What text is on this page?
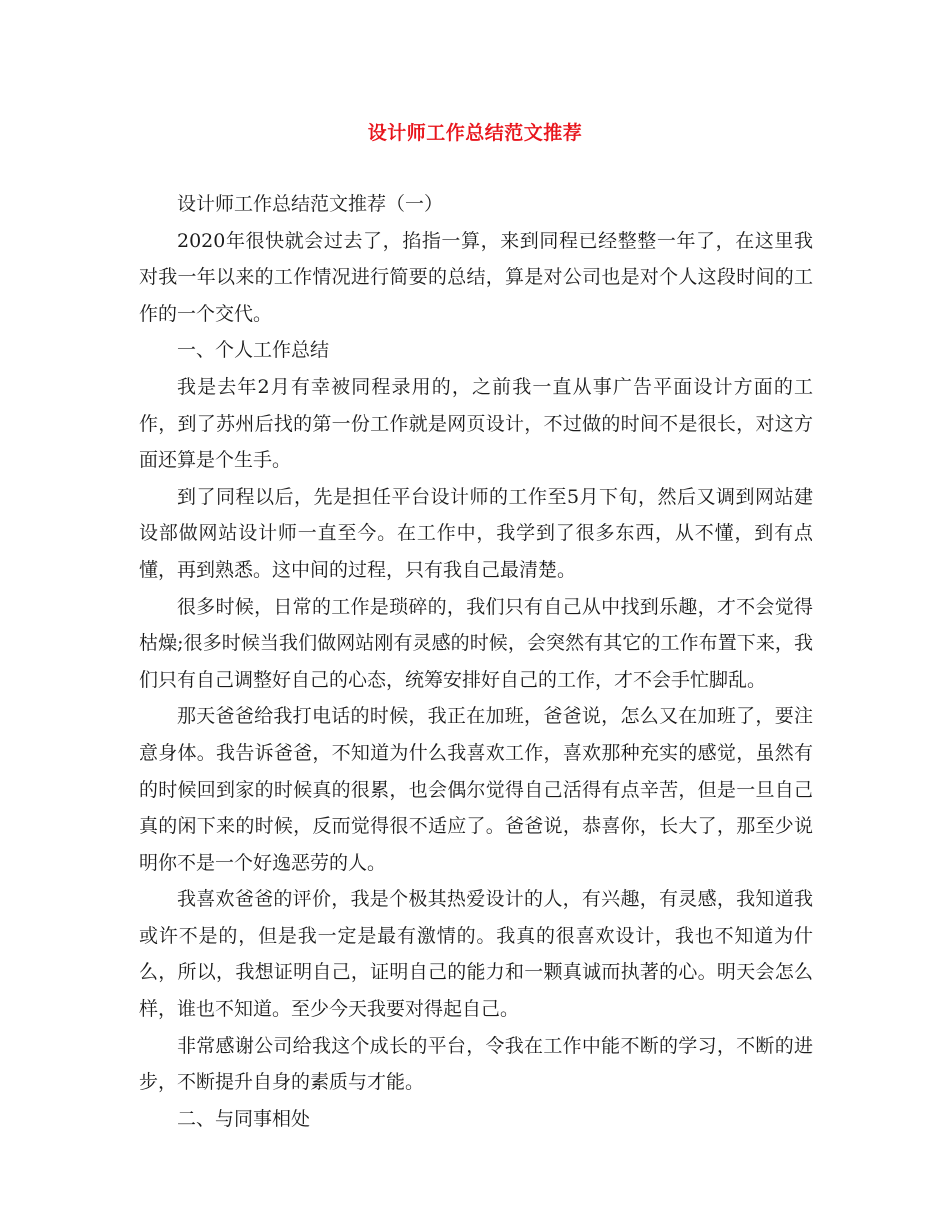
设计师工作总结范文推荐

设计师工作总结范文推荐（一）

2020年很快就会过去了，掐指一算，来到同程已经整整一年了，在这里我对我一年以来的工作情况进行简要的总结，算是对公司也是对个人这段时间的工作的一个交代。

一、个人工作总结

我是去年2月有幸被同程录用的，之前我一直从事广告平面设计方面的工作，到了苏州后找的第一份工作就是网页设计，不过做的时间不是很长，对这方面还算是个生手。

到了同程以后，先是担任平台设计师的工作至5月下旬，然后又调到网站建设部做网站设计师一直至今。在工作中，我学到了很多东西，从不懂，到有点懂，再到熟悉。这中间的过程，只有我自己最清楚。

很多时候，日常的工作是琐碎的，我们只有自己从中找到乐趣，才不会觉得枯燥;很多时候当我们做网站刚有灵感的时候，会突然有其它的工作布置下来，我们只有自己调整好自己的心态，统筹安排好自己的工作，才不会手忙脚乱。

那天爸爸给我打电话的时候，我正在加班，爸爸说，怎么又在加班了，要注意身体。我告诉爸爸，不知道为什么我喜欢工作，喜欢那种充实的感觉，虽然有的时候回到家的时候真的很累，也会偶尔觉得自己活得有点辛苦，但是一旦自己真的闲下来的时候，反而觉得很不适应了。爸爸说，恭喜你，长大了，那至少说明你不是一个好逸恶劳的人。

我喜欢爸爸的评价，我是个极其热爱设计的人，有兴趣，有灵感，我知道我或许不是的，但是我一定是最有激情的。我真的很喜欢设计，我也不知道为什么，所以，我想证明自己，证明自己的能力和一颗真诚而执著的心。明天会怎么样，谁也不知道。至少今天我要对得起自己。

非常感谢公司给我这个成长的平台，令我在工作中能不断的学习，不断的进步，不断提升自身的素质与才能。

二、与同事相处
